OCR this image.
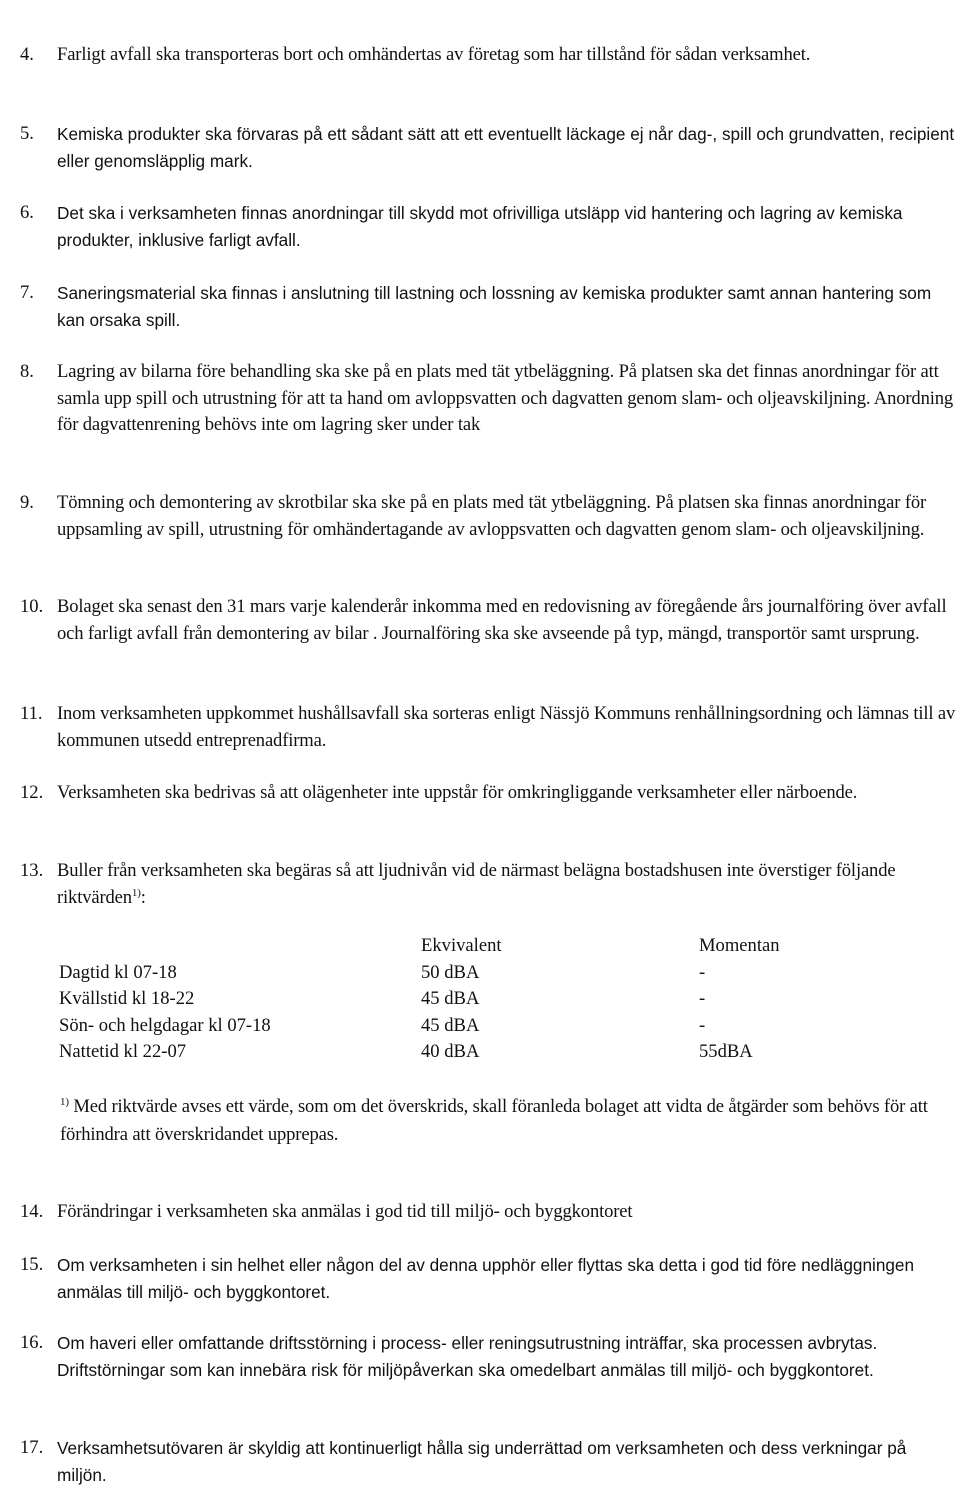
4. Farligt avfall ska transporteras bort och omhändertas av företag som har tillstånd för sådan verksamhet.
5. Kemiska produkter ska förvaras på ett sådant sätt att ett eventuellt läckage ej når dag-, spill och grundvatten, recipient eller genomsläpplig mark.
6. Det ska i verksamheten finnas anordningar till skydd mot ofrivilliga utsläpp vid hantering och lagring av kemiska produkter, inklusive farligt avfall.
7. Saneringsmaterial ska finnas i anslutning till lastning och lossning av kemiska produkter samt annan hantering som kan orsaka spill.
8. Lagring av bilarna före behandling ska ske på en plats med tät ytbeläggning. På platsen ska det finnas anordningar för att samla upp spill och utrustning för att ta hand om avloppsvatten och dagvatten genom slam- och oljeavskiljning. Anordning för dagvattenrening behövs inte om lagring sker under tak
9. Tömning och demontering av skrotbilar ska ske på en plats med tät ytbeläggning. På platsen ska finnas anordningar för uppsamling av spill, utrustning för omhändertagande av avloppsvatten och dagvatten genom slam- och oljeavskiljning.
10. Bolaget ska senast den 31 mars varje kalenderår inkomma med en redovisning av föregående års journalföring över avfall och farligt avfall från demontering av bilar . Journalföring ska ske avseende på typ, mängd, transportör samt ursprung.
11. Inom verksamheten uppkommet hushållsavfall ska sorteras enligt Nässjö Kommuns renhållningsordning och lämnas till av kommunen utsedd entreprenadfirma.
12. Verksamheten ska bedrivas så att olägenheter inte uppstår för omkringliggande verksamheter eller närboende.
13. Buller från verksamheten ska begäras så att ljudnivån vid de närmast belägna bostadshusen inte överstiger följande riktvärden$^{1)}$:
	Ekvivalent	Momentan
Dagtid kl 07-18	50 dBA	-
Kvällstid kl 18-22	45 dBA	-
Sön- och helgdagar kl 07-18	45 dBA	-
Nattetid kl 22-07	40 dBA	55dBA
$^{1)}$ Med riktvärde avses ett värde, som om det överskrids, skall föranleda bolaget att vidta de åtgärder som behövs för att förhindra att överskridandet upprepas.
14. Förändringar i verksamheten ska anmälas i god tid till miljö- och byggkontoret
15. Om verksamheten i sin helhet eller någon del av denna upphör eller flyttas ska detta i god tid före nedläggningen anmälas till miljö- och byggkontoret.
16. Om haveri eller omfattande driftsstörning i process- eller reningsutrustning inträffar, ska processen avbrytas. Driftstörningar som kan innebära risk för miljöpåverkan ska omedelbart anmälas till miljö- och byggkontoret.
17. Verksamhetsutövaren är skyldig att kontinuerligt hålla sig underrättad om verksamheten och dess verkningar på miljön.
